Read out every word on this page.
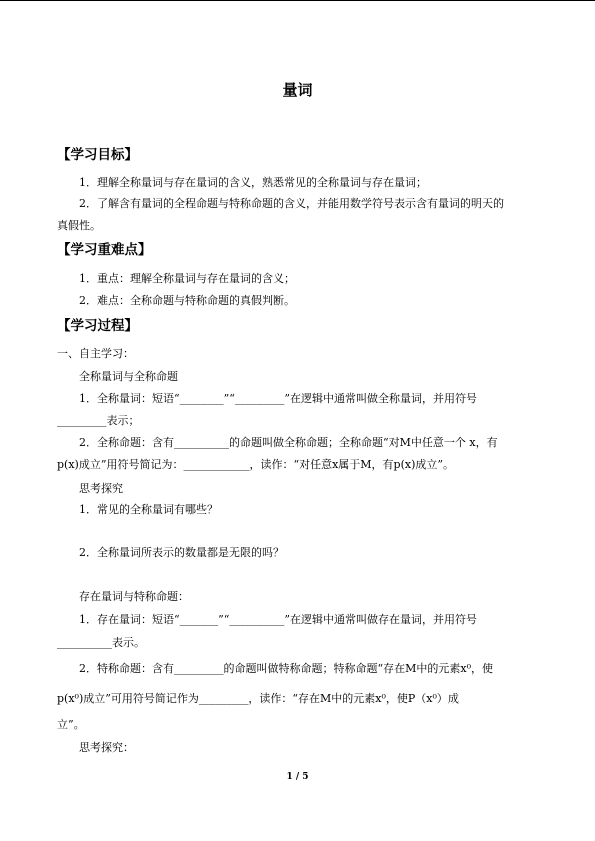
量词
【学习目标】
1．理解全称量词与存在量词的含义，熟悉常见的全称量词与存在量词；
2．了解含有量词的全程命题与特称命题的含义，并能用数学符号表示含有量词的明天的
真假性。
【学习重难点】
1．重点：理解全称量词与存在量词的含义；
2．难点：全称命题与特称命题的真假判断。
【学习过程】
一、自主学习：
全称量词与全称命题
1．全称量词：短语“________”“_________”在逻辑中通常叫做全称量词，并用符号
_________表示；
2．全称命题：含有__________的命题叫做全称命题；全称命题“对M中任意一个 x，有
p(x)成立”用符号简记为：____________，读作：“对任意x属于M，有p(x)成立”。
思考探究
1．常见的全称量词有哪些？
2．全称量词所表示的数量都是无限的吗？
存在量词与特称命题：
1．存在量词：短语“_______”“__________”在逻辑中通常叫做存在量词，并用符号
__________表示。
2．特称命题：含有_________的命题叫做特称命题；特称命题“存在M中的元素x⁰，使
p(x⁰)成立”可用符号简记作为_________，读作：“存在M中的元素x⁰，使P（x⁰）成
立”。
思考探究：
1 / 5
